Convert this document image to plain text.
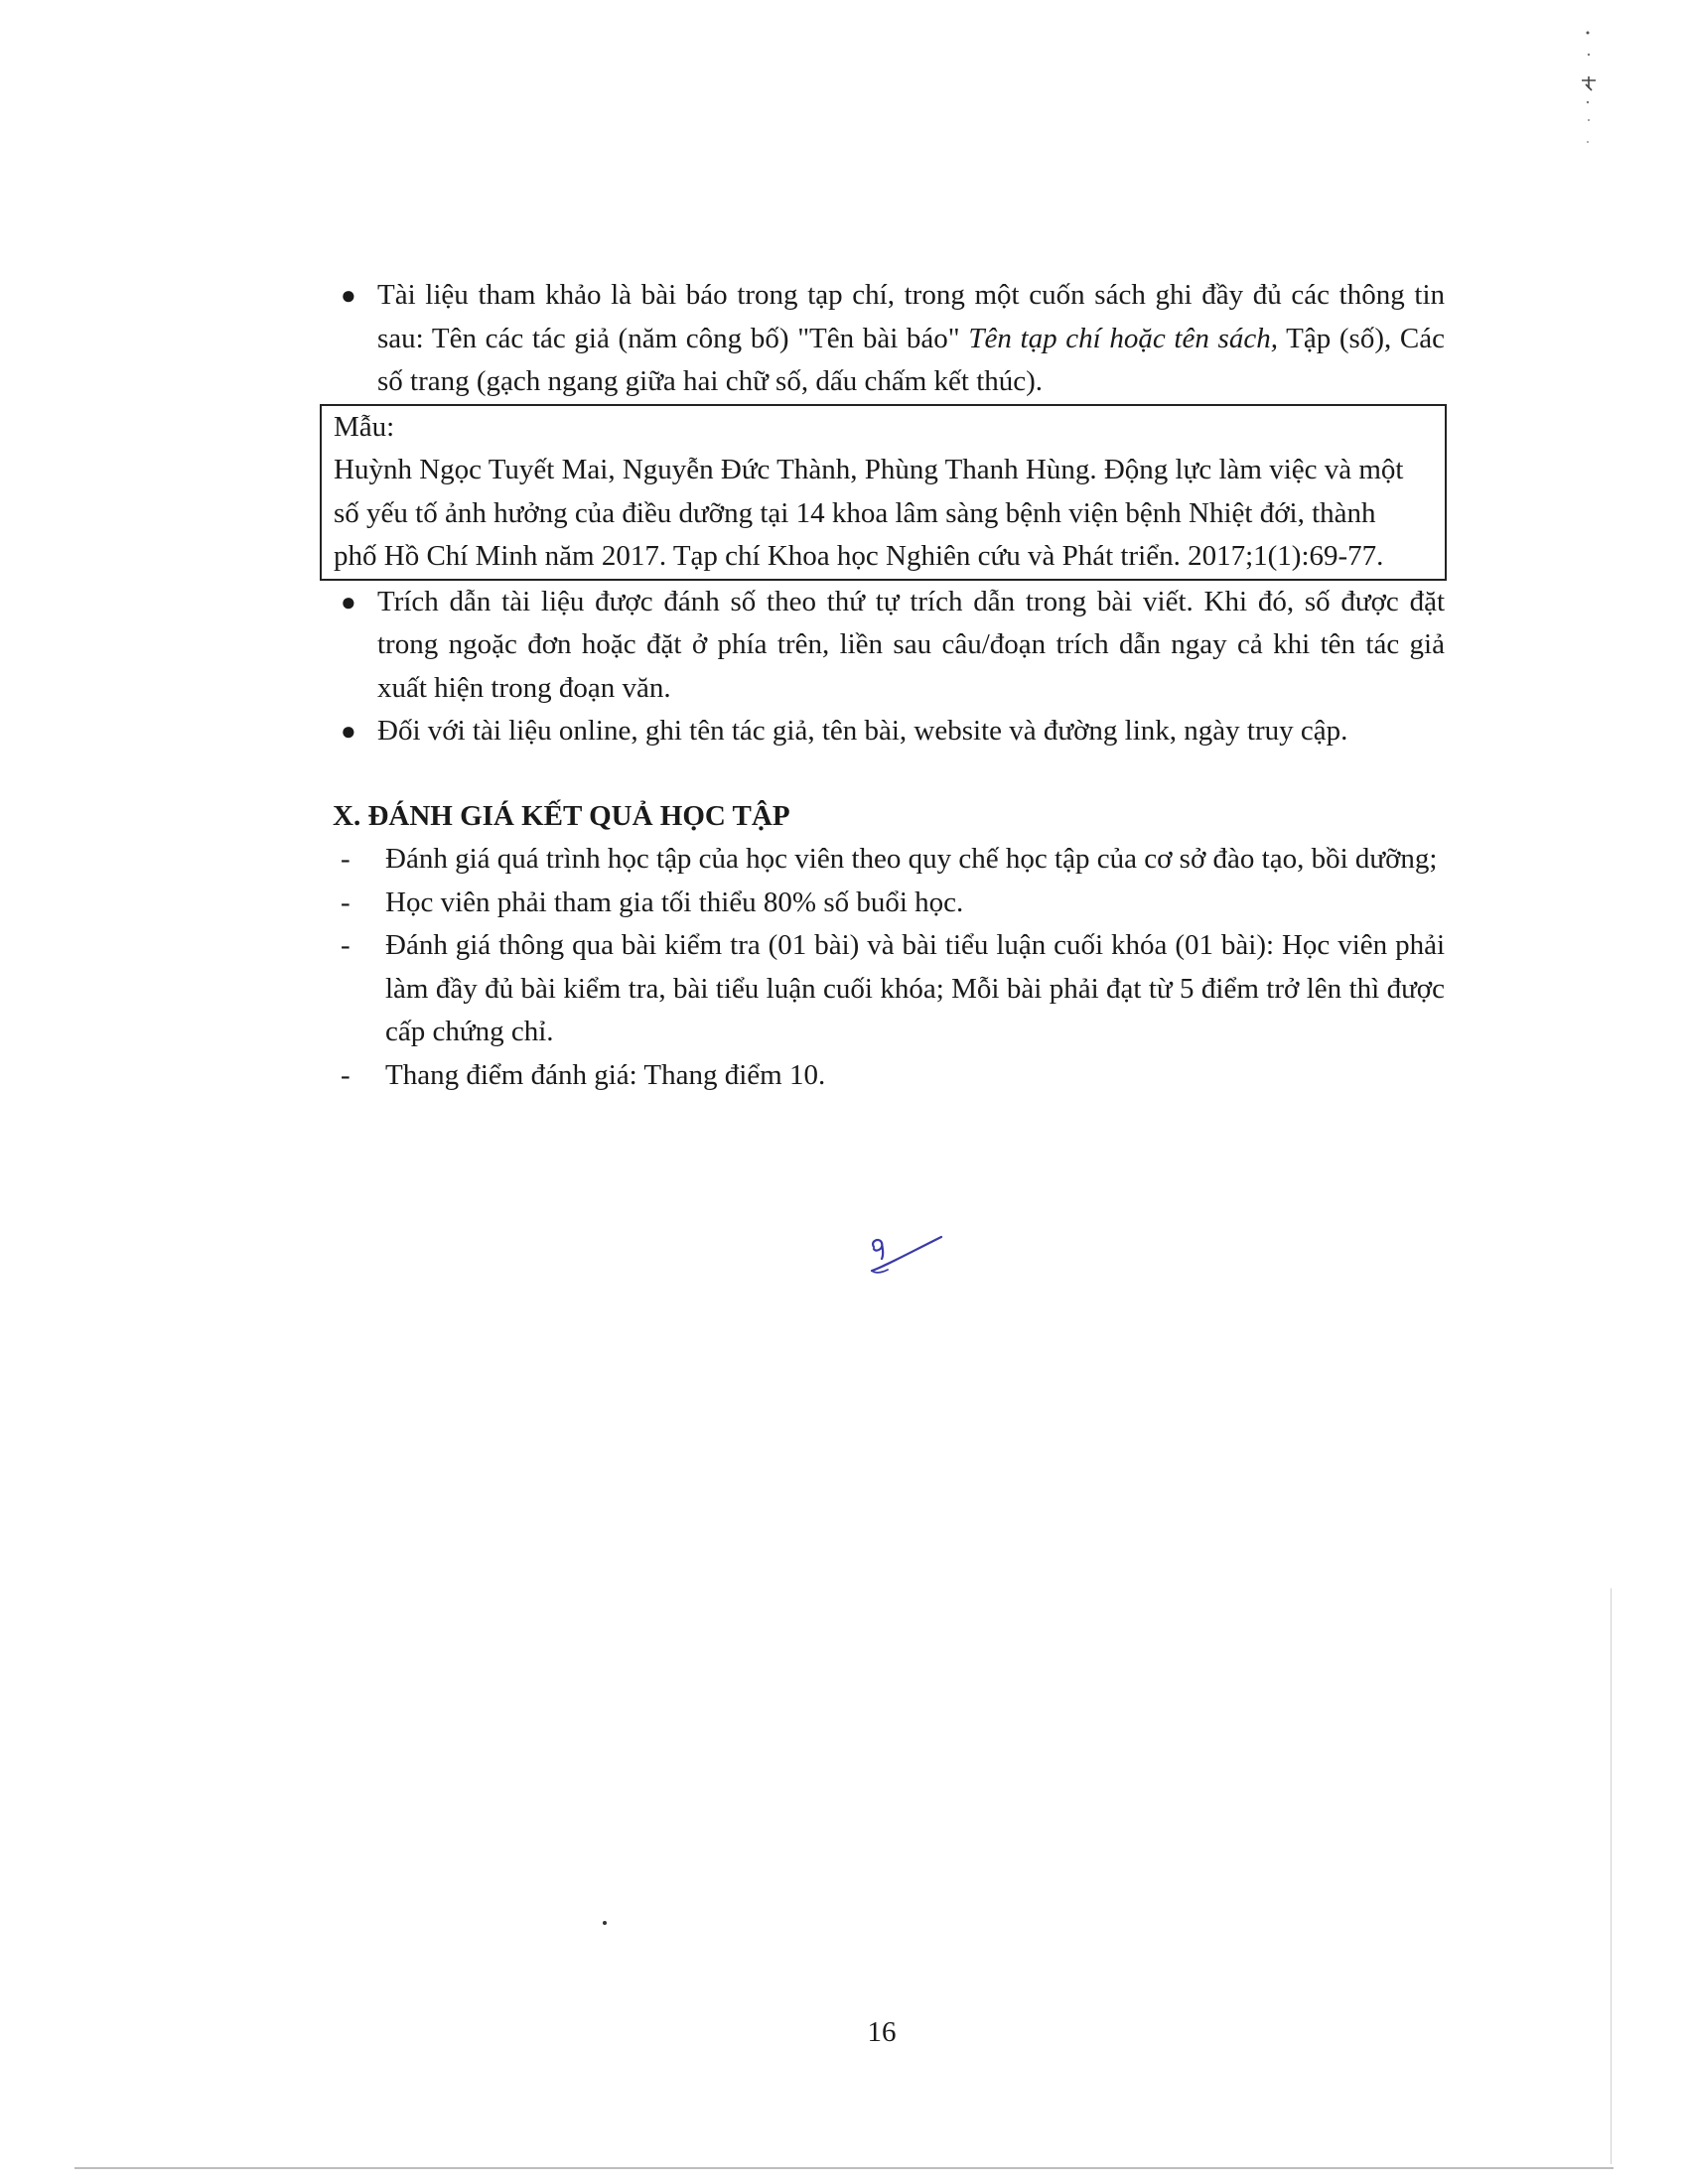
● Tài liệu tham khảo là bài báo trong tạp chí, trong một cuốn sách ghi đầy đủ các thông tin sau: Tên các tác giả (năm công bố) "Tên bài báo" Tên tạp chí hoặc tên sách, Tập (số), Các số trang (gạch ngang giữa hai chữ số, dấu chấm kết thúc).
Mẫu:
Huỳnh Ngọc Tuyết Mai, Nguyễn Đức Thành, Phùng Thanh Hùng. Động lực làm việc và một số yếu tố ảnh hưởng của điều dưỡng tại 14 khoa lâm sàng bệnh viện bệnh Nhiệt đới, thành phố Hồ Chí Minh năm 2017. Tạp chí Khoa học Nghiên cứu và Phát triển. 2017;1(1):69-77.
● Trích dẫn tài liệu được đánh số theo thứ tự trích dẫn trong bài viết. Khi đó, số được đặt trong ngoặc đơn hoặc đặt ở phía trên, liền sau câu/đoạn trích dẫn ngay cả khi tên tác giả xuất hiện trong đoạn văn.
● Đối với tài liệu online, ghi tên tác giả, tên bài, website và đường link, ngày truy cập.
X. ĐÁNH GIÁ KẾT QUẢ HỌC TẬP
- Đánh giá quá trình học tập của học viên theo quy chế học tập của cơ sở đào tạo, bồi dưỡng;
- Học viên phải tham gia tối thiểu 80% số buổi học.
- Đánh giá thông qua bài kiểm tra (01 bài) và bài tiểu luận cuối khóa (01 bài): Học viên phải làm đầy đủ bài kiểm tra, bài tiểu luận cuối khóa; Mỗi bài phải đạt từ 5 điểm trở lên thì được cấp chứng chỉ.
- Thang điểm đánh giá: Thang điểm 10.
16
